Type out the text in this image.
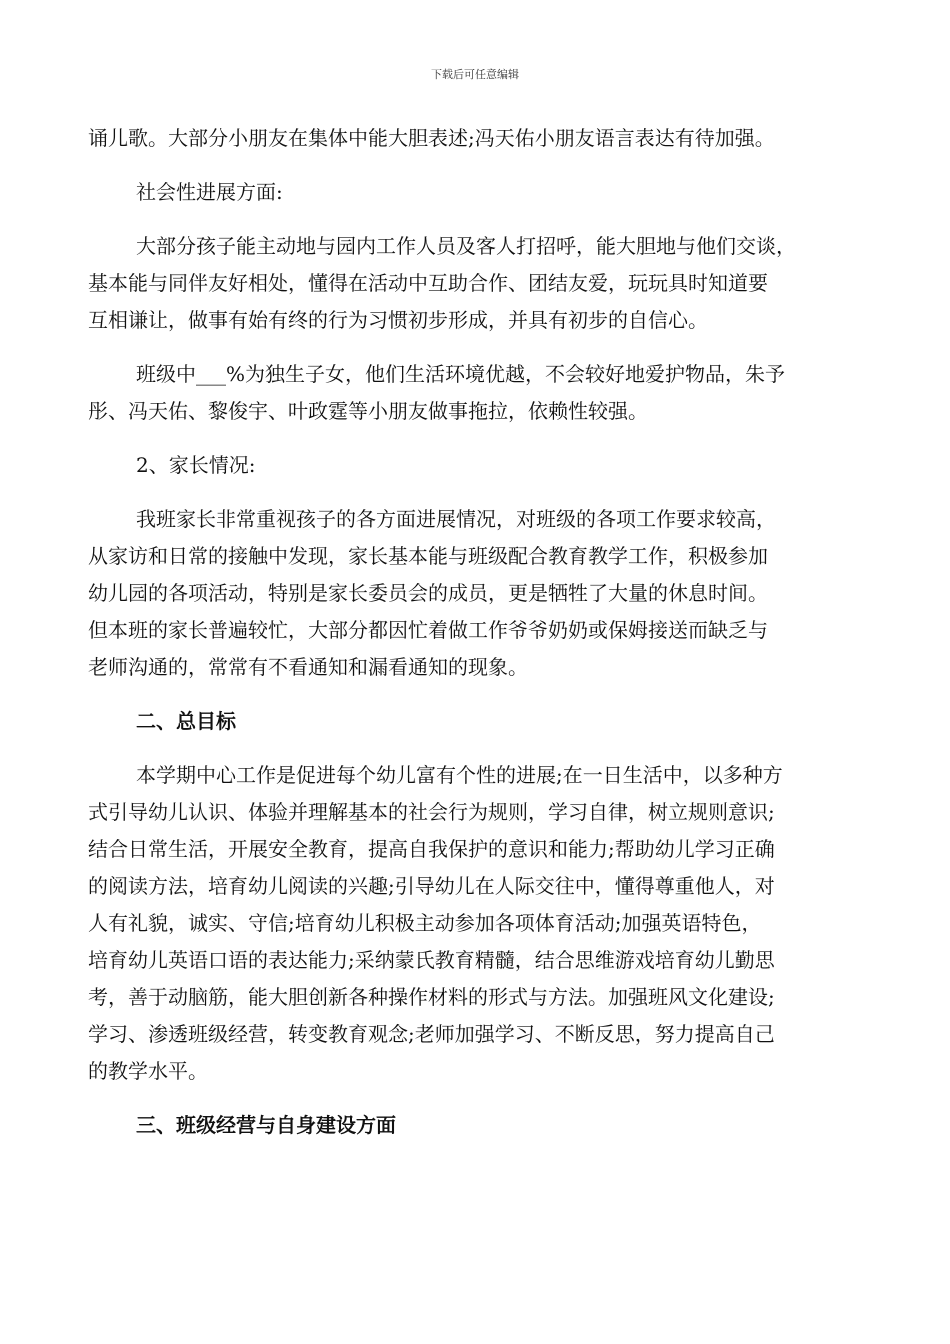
下载后可任意编辑

诵儿歌。大部分小朋友在集体中能大胆表述;冯天佑小朋友语言表达有待加强。

社会性进展方面:

大部分孩子能主动地与园内工作人员及客人打招呼，能大胆地与他们交谈，
基本能与同伴友好相处，懂得在活动中互助合作、团结友爱，玩玩具时知道要
互相谦让，做事有始有终的行为习惯初步形成，并具有初步的自信心。

班级中___%为独生子女，他们生活环境优越，不会较好地爱护物品，朱予
彤、冯天佑、黎俊宇、叶政霆等小朋友做事拖拉，依赖性较强。

2、家长情况:

我班家长非常重视孩子的各方面进展情况，对班级的各项工作要求较高，
从家访和日常的接触中发现，家长基本能与班级配合教育教学工作，积极参加
幼儿园的各项活动，特别是家长委员会的成员，更是牺牲了大量的休息时间。
但本班的家长普遍较忙，大部分都因忙着做工作爷爷奶奶或保姆接送而缺乏与
老师沟通的，常常有不看通知和漏看通知的现象。

二、总目标

本学期中心工作是促进每个幼儿富有个性的进展;在一日生活中，以多种方
式引导幼儿认识、体验并理解基本的社会行为规则，学习自律，树立规则意识;
结合日常生活，开展安全教育，提高自我保护的意识和能力;帮助幼儿学习正确
的阅读方法，培育幼儿阅读的兴趣;引导幼儿在人际交往中，懂得尊重他人，对
人有礼貌，诚实、守信;培育幼儿积极主动参加各项体育活动;加强英语特色，
培育幼儿英语口语的表达能力;采纳蒙氏教育精髓，结合思维游戏培育幼儿勤思
考，善于动脑筋，能大胆创新各种操作材料的形式与方法。加强班风文化建设;
学习、渗透班级经营，转变教育观念;老师加强学习、不断反思，努力提高自己
的教学水平。

三、班级经营与自身建设方面
